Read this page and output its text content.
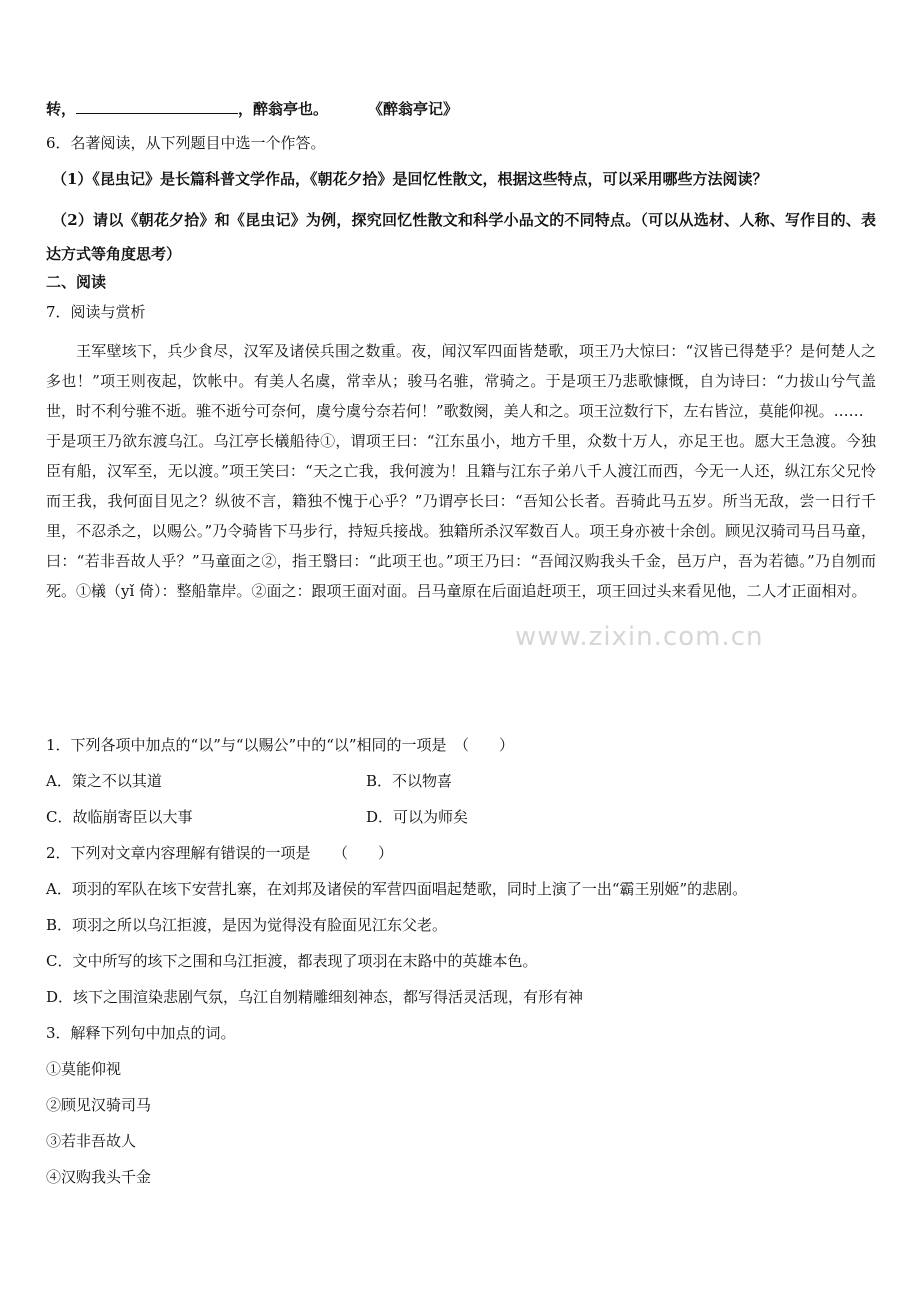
转，	，醉翁亭也。	《醉翁亭记》
6．名著阅读，从下列题目中选一个作答。
（1）《昆虫记》是长篇科普文学作品，《朝花夕拾》是回忆性散文，根据这些特点，可以采用哪些方法阅读？
（2）请以《朝花夕拾》和《昆虫记》为例，探究回忆性散文和科学小品文的不同特点。（可以从选材、人称、写作目的、表达方式等角度思考）
二、阅读
7．阅读与赏析

王军壁垓下，兵少食尽，汉军及诸侯兵围之数重。夜，闻汉军四面皆楚歌，项王乃大惊曰：“汉皆已得楚乎？是何楚人之多也！”项王则夜起，饮帐中。有美人名虞，常幸从；骏马名骓，常骑之。于是项王乃悲歌慷慨，自为诗曰：“力拔山兮气盖世，时不利兮骓不逝。骓不逝兮可奈何，虞兮虞兮奈若何！”歌数阕，美人和之。项王泣数行下，左右皆泣，莫能仰视。……

于是项王乃欲东渡乌江。乌江亭长檥船待①，谓项王曰：“江东虽小，地方千里，众数十万人，亦足王也。愿大王急渡。今独臣有船，汉军至，无以渡。”项王笑曰：“天之亡我，我何渡为！且籍与江东子弟八千人渡江而西，今无一人还，纵江东父兄怜而王我，我何面目见之？纵彼不言，籍独不愧于心乎？”乃谓亭长曰：“吾知公长者。吾骑此马五岁。所当无敌，尝一日行千里，不忍杀之，以赐公。”乃令骑皆下马步行，持短兵接战。独籍所杀汉军数百人。项王身亦被十余创。顾见汉骑司马吕马童，曰：“若非吾故人乎？”马童面之②，指王翳曰：“此项王也。”项王乃曰：“吾闻汉购我头千金，邑万户，吾为若德。”乃自刎而死。①檥（yǐ 倚）：整船靠岸。②面之：跟项王面对面。吕马童原在后面追赶项王，项王回过头来看见他，二人才正面相对。

1．下列各项中加点的“以”与“以赐公”中的“以”相同的一项是　（　　）
A．策之不以其道	B．不以物喜
C．故临崩寄臣以大事	D．可以为师矣
2．下列对文章内容理解有错误的一项是　　（　　）
A．项羽的军队在垓下安营扎寨，在刘邦及诸侯的军营四面唱起楚歌，同时上演了一出“霸王别姬”的悲剧。
B．项羽之所以乌江拒渡，是因为觉得没有脸面见江东父老。
C．文中所写的垓下之围和乌江拒渡，都表现了项羽在末路中的英雄本色。
D．垓下之围渲染悲剧气氛，乌江自刎精雕细刻神态，都写得活灵活现，有形有神
3．解释下列句中加点的词。
①莫能仰视
②顾见汉骑司马
③若非吾故人
④汉购我头千金
www.zixin.com.cn
